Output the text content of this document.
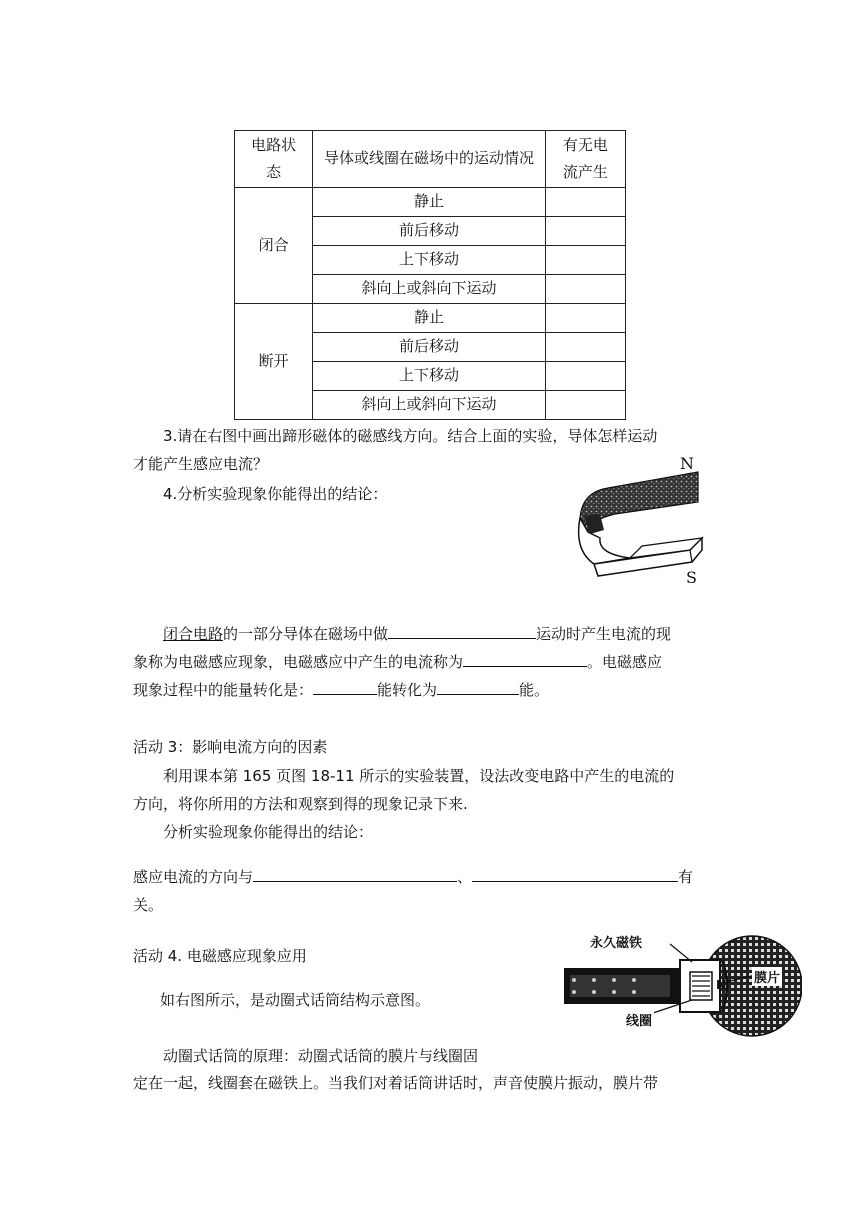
电路状态	导体或线圈在磁场中的运动情况	有无电流产生
闭合	静止	
	前后移动	
	上下移动	
	斜向上或斜向下运动	
断开	静止	
	前后移动	
	上下移动	
	斜向上或斜向下运动	
3.请在右图中画出蹄形磁体的磁感线方向。结合上面的实验，导体怎样运动
才能产生感应电流？
4.分析实验现象你能得出的结论：
N
S
闭合电路的一部分导体在磁场中做	运动时产生电流的现
象称为电磁感应现象，电磁感应中产生的电流称为	。电磁感应
现象过程中的能量转化是：	能转化为	能。
活动 3：影响电流方向的因素
利用课本第 165 页图 18-11 所示的实验装置，设法改变电路中产生的电流的
方向，将你所用的方法和观察到得的现象记录下来.
分析实验现象你能得出的结论：
感应电流的方向与	、	有
关。
活动 4. 电磁感应现象应用
如右图所示，是动圈式话筒结构示意图。
动圈式话筒的原理：动圈式话筒的膜片与线圈固
定在一起，线圈套在磁铁上。当我们对着话筒讲话时，声音使膜片振动，膜片带
永久磁铁
膜片
线圈
N
